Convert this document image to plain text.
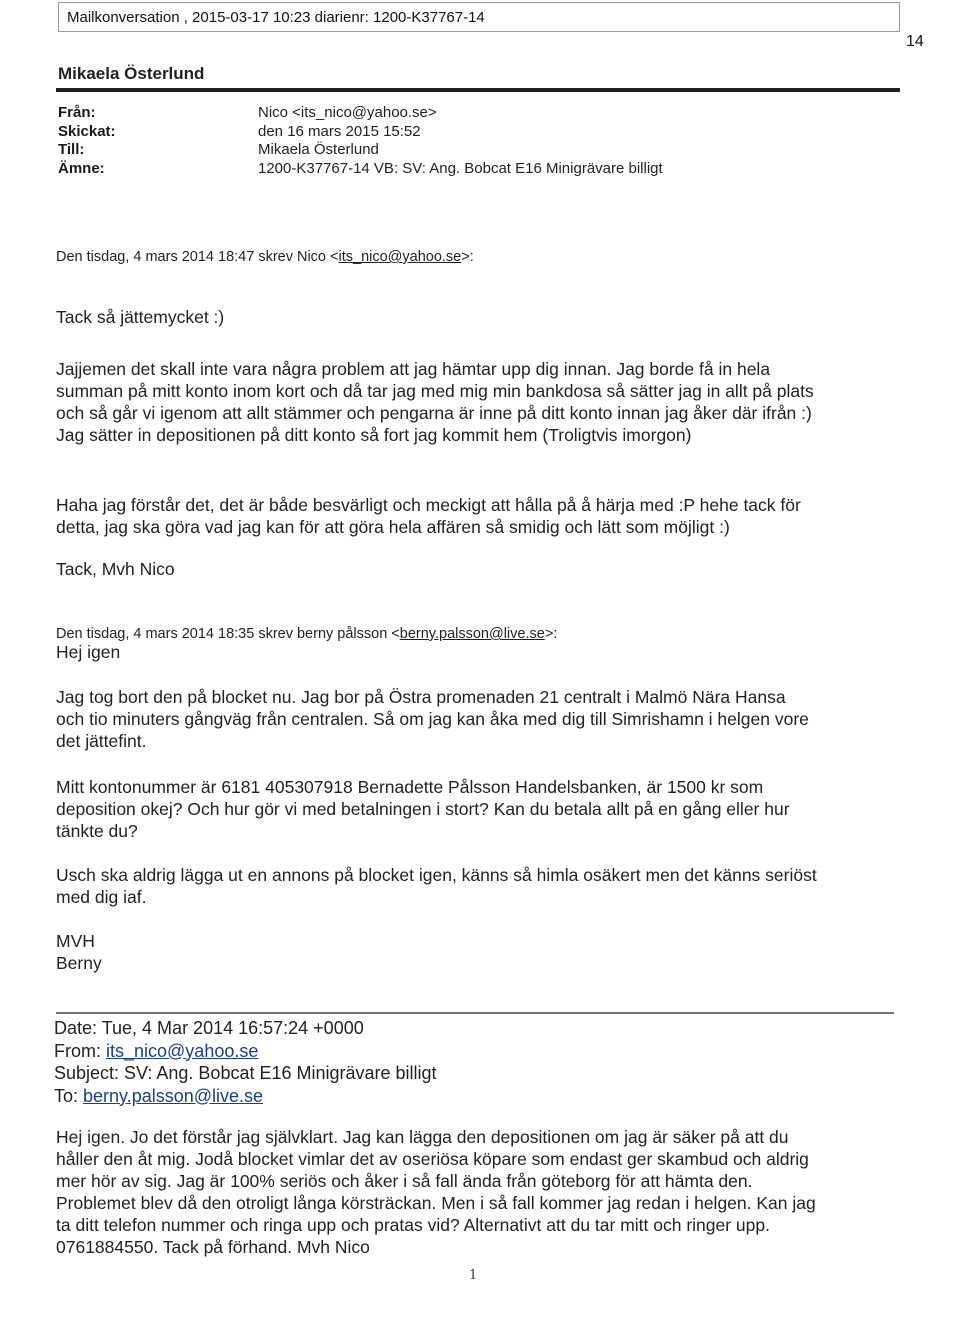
Mailkonversation , 2015-03-17 10:23 diarienr: 1200-K37767-14
14
Mikaela Österlund
Från:	Nico <its_nico@yahoo.se>
Skickat:	den 16 mars 2015 15:52
Till:	Mikaela Österlund
Ämne:	1200-K37767-14 VB: SV: Ang. Bobcat E16 Minigrävare billigt
Den tisdag, 4 mars 2014 18:47 skrev Nico <its_nico@yahoo.se>:
Tack så jättemycket :)
Jajjemen det skall inte vara några problem att jag hämtar upp dig innan. Jag borde få in hela
summan på mitt konto inom kort och då tar jag med mig min bankdosa så sätter jag in allt på plats
och så går vi igenom att allt stämmer och pengarna är inne på ditt konto innan jag åker där ifrån :)
Jag sätter in depositionen på ditt konto så fort jag kommit hem (Troligtvis imorgon)
Haha jag förstår det, det är både besvärligt och meckigt att hålla på å härja med :P hehe tack för
detta, jag ska göra vad jag kan för att göra hela affären så smidig och lätt som möjligt :)
Tack, Mvh Nico
Den tisdag, 4 mars 2014 18:35 skrev berny pålsson <berny.palsson@live.se>:
Hej igen
Jag tog bort den på blocket nu. Jag bor på Östra promenaden 21 centralt i Malmö Nära Hansa
och tio minuters gångväg från centralen. Så om jag kan åka med dig till Simrishamn i helgen vore
det jättefint.
Mitt kontonummer är 6181 405307918 Bernadette Pålsson Handelsbanken, är 1500 kr som
deposition okej? Och hur gör vi med betalningen i stort? Kan du betala allt på en gång eller hur
tänkte du?
Usch ska aldrig lägga ut en annons på blocket igen, känns så himla osäkert men det känns seriöst
med dig iaf.
MVH
Berny
Date: Tue, 4 Mar 2014 16:57:24 +0000
From: its_nico@yahoo.se
Subject: SV: Ang. Bobcat E16 Minigrävare billigt
To: berny.palsson@live.se
Hej igen. Jo det förstår jag självklart. Jag kan lägga den depositionen om jag är säker på att du
håller den åt mig. Jodå blocket vimlar det av oseriösa köpare som endast ger skambud och aldrig
mer hör av sig. Jag är 100% seriös och åker i så fall ända från göteborg för att hämta den.
Problemet blev då den otroligt långa körsträckan. Men i så fall kommer jag redan i helgen. Kan jag
ta ditt telefon nummer och ringa upp och pratas vid? Alternativt att du tar mitt och ringer upp.
0761884550. Tack på förhand. Mvh Nico
1
